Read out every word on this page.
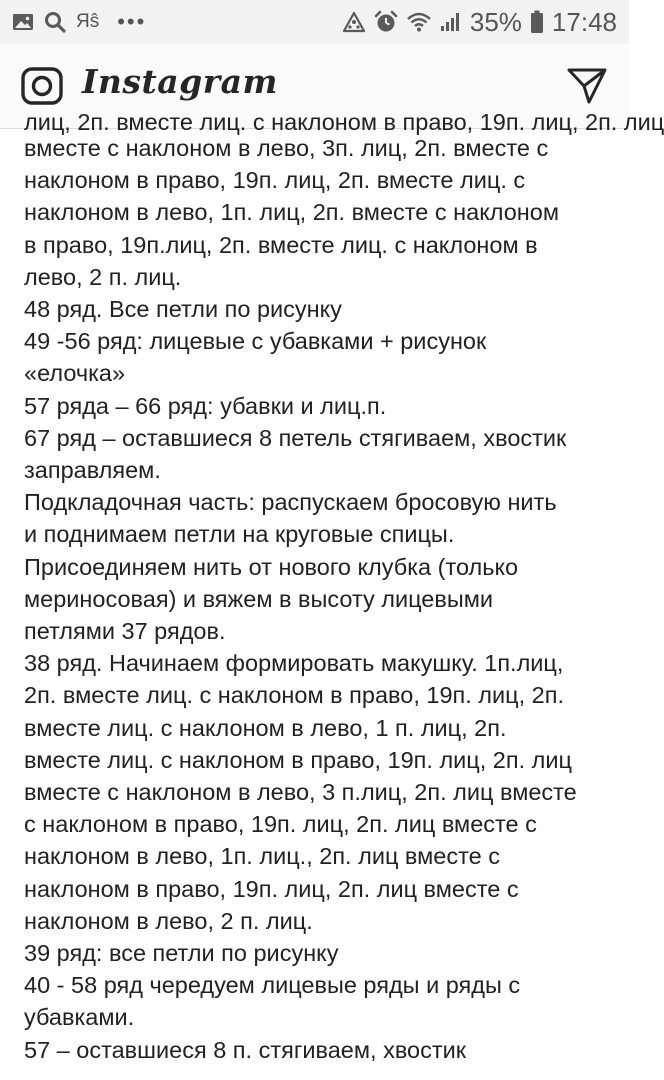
Яŝ •••	35% 17:48
Instagram
лиц, 2п. вместе лиц. с наклоном в право, 19п. лиц, 2п. лиц
вместе с наклоном в лево, 3п. лиц, 2п. вместе с
наклоном в право, 19п. лиц, 2п. вместе лиц. с
наклоном в лево, 1п. лиц, 2п. вместе с наклоном
в право, 19п.лиц, 2п. вместе лиц. с наклоном в
лево, 2 п. лиц.
48 ряд. Все петли по рисунку
49 -56 ряд: лицевые с убавками + рисунок
«елочка»
57 ряда – 66 ряд: убавки и лиц.п.
67 ряд – оставшиеся 8 петель стягиваем, хвостик
заправляем.
Подкладочная часть: распускаем бросовую нить
и поднимаем петли на круговые спицы.
Присоединяем нить от нового клубка (только
мериносовая) и вяжем в высоту лицевыми
петлями 37 рядов.
38 ряд. Начинаем формировать макушку. 1п.лиц,
2п. вместе лиц. с наклоном в право, 19п. лиц, 2п.
вместе лиц. с наклоном в лево, 1 п. лиц, 2п.
вместе лиц. с наклоном в право, 19п. лиц, 2п. лиц
вместе с наклоном в лево, 3 п.лиц, 2п. лиц вместе
с наклоном в право, 19п. лиц, 2п. лиц вместе с
наклоном в лево, 1п. лиц., 2п. лиц вместе с
наклоном в право, 19п. лиц, 2п. лиц вместе с
наклоном в лево, 2 п. лиц.
39 ряд: все петли по рисунку
40 - 58 ряд чередуем лицевые ряды и ряды с
убавками.
57 – оставшиеся 8 п. стягиваем, хвостик
